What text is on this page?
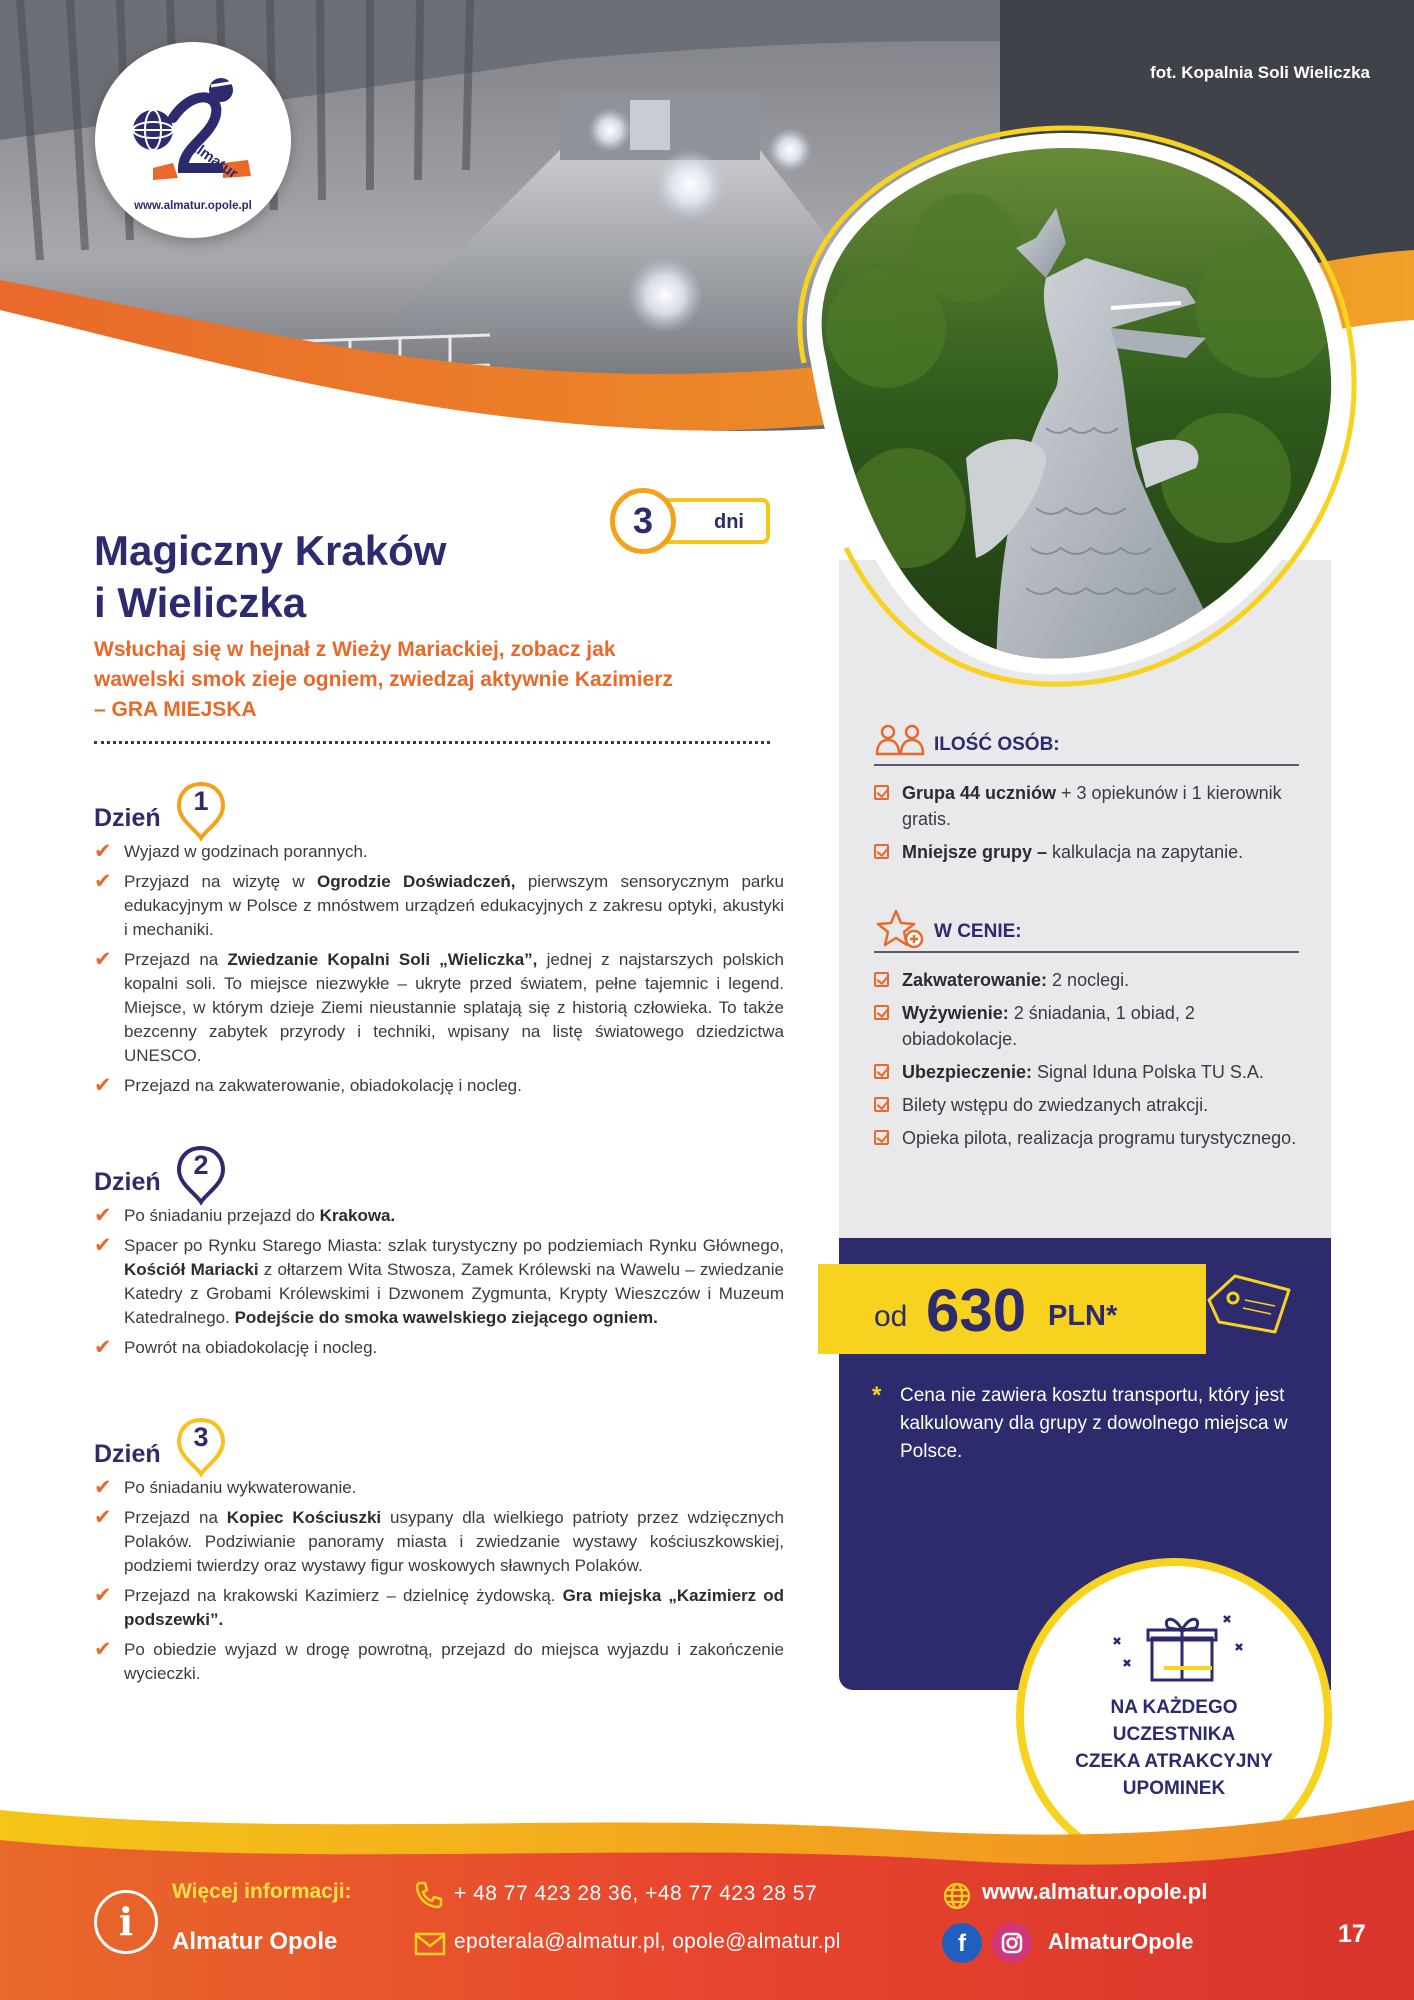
fot. Kopalnia Soli Wieliczka
almatur
www.almatur.opole.pl
dni
3
Magiczny Kraków
i Wieliczka
Wsłuchaj się w hejnał z Wieży Mariackiej, zobacz jak
wawelski smok zieje ogniem, zwiedzaj aktywnie Kazimierz
– GRA MIEJSKA
Dzień
1
✔ Wyjazd w godzinach porannych.
✔ Przyjazd na wizytę w Ogrodzie Doświadczeń, pierwszym sensorycznym parku edukacyjnym w Polsce z mnóstwem urządzeń edukacyjnych z zakresu optyki, akustyki i mechaniki.
✔ Przejazd na Zwiedzanie Kopalni Soli „Wieliczka”, jednej z najstarszych polskich kopalni soli. To miejsce niezwykłe – ukryte przed światem, pełne tajemnic i legend. Miejsce, w którym dzieje Ziemi nieustannie splatają się z historią człowieka. To także bezcenny zabytek przyrody i techniki, wpisany na listę światowego dziedzictwa UNESCO.
✔ Przejazd na zakwaterowanie, obiadokolację i nocleg.
Dzień
2
✔ Po śniadaniu przejazd do Krakowa.
✔ Spacer po Rynku Starego Miasta: szlak turystyczny po podziemiach Rynku Głównego, Kościół Mariacki z ołtarzem Wita Stwosza, Zamek Królewski na Wawelu – zwiedzanie Katedry z Grobami Królewskimi i Dzwonem Zygmunta, Krypty Wieszczów i Muzeum Katedralnego. Podejście do smoka wawelskiego ziejącego ogniem.
✔ Powrót na obiadokolację i nocleg.
Dzień
3
✔ Po śniadaniu wykwaterowanie.
✔ Przejazd na Kopiec Kościuszki usypany dla wielkiego patrioty przez wdzięcznych Polaków. Podziwianie panoramy miasta i zwiedzanie wystawy kościuszkowskiej, podziemi twierdzy oraz wystawy figur woskowych sławnych Polaków.
✔ Przejazd na krakowski Kazimierz – dzielnicę żydowską. Gra miejska „Kazimierz od podszewki”.
✔ Po obiedzie wyjazd w drogę powrotną, przejazd do miejsca wyjazdu i zakończenie wycieczki.
ILOŚĆ OSÓB:
Grupa 44 uczniów + 3 opiekunów i 1 kierownik gratis.
Mniejsze grupy – kalkulacja na zapytanie.
W CENIE:
Zakwaterowanie: 2 noclegi.
Wyżywienie: 2 śniadania, 1 obiad, 2 obiadokolacje.
Ubezpieczenie: Signal Iduna Polska TU S.A.
Bilety wstępu do zwiedzanych atrakcji.
Opieka pilota, realizacja programu turystycznego.
od 630 PLN*
* Cena nie zawiera kosztu transportu, który jest kalkulowany dla grupy z dowolnego miejsca w Polsce.

NA KAŻDEGO
UCZESTNIKA
CZEKA ATRAKCYJNY
UPOMINEK
i
Więcej informacji:
Almatur Opole
+ 48 77 423 28 36, +48 77 423 28 57
epoterala@almatur.pl, opole@almatur.pl
www.almatur.opole.pl
f	AlmaturOpole	17
